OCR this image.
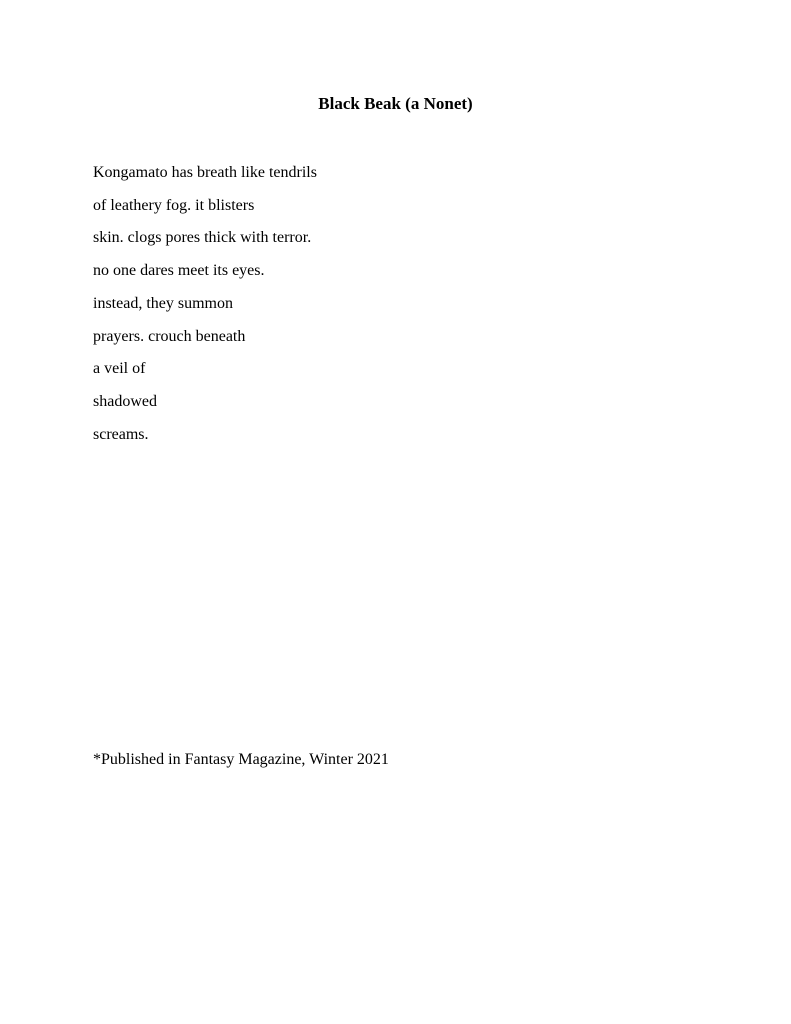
Black Beak (a Nonet)
Kongamato has breath like tendrils
of leathery fog. it blisters
skin. clogs pores thick with terror.
no one dares meet its eyes.
instead, they summon
prayers. crouch beneath
a veil of
shadowed
screams.

*Published in Fantasy Magazine, Winter 2021
